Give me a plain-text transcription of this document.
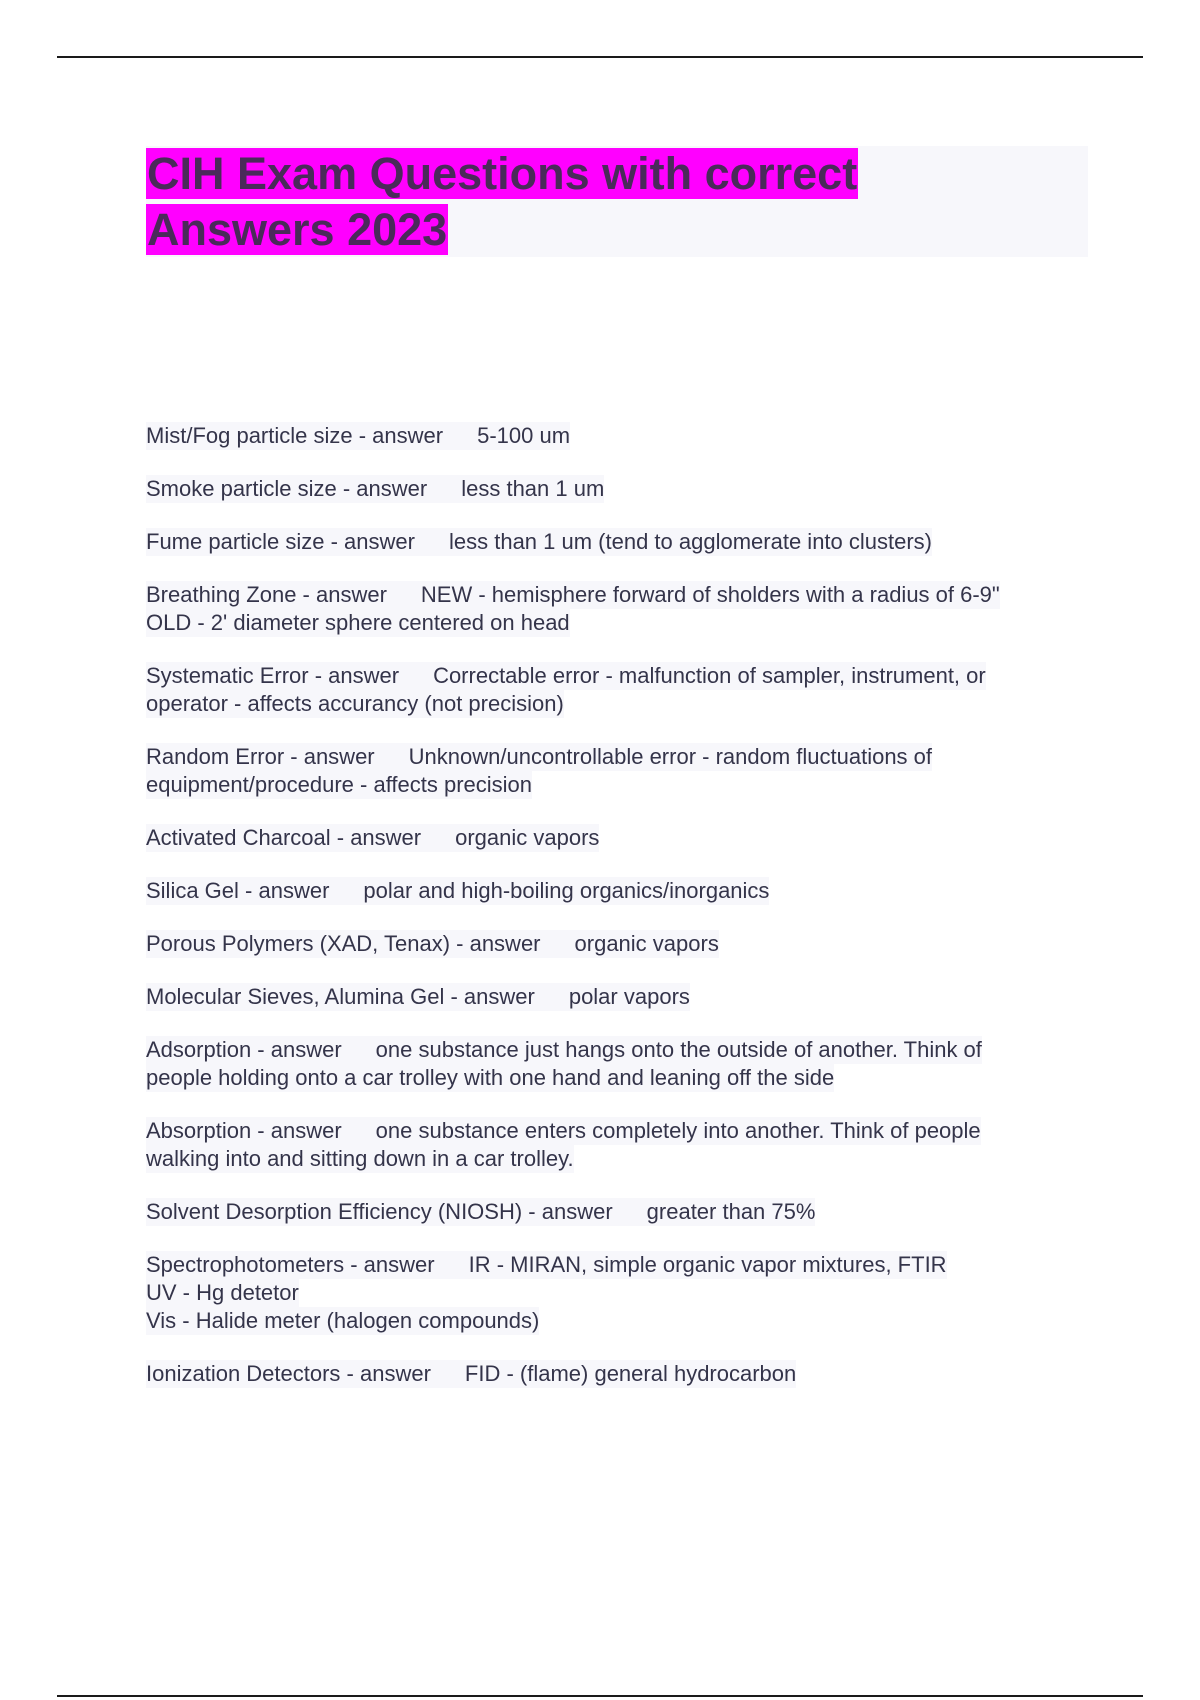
CIH Exam Questions with correct
Answers 2023

Mist/Fog particle size - answer 5-100 um

Smoke particle size - answer less than 1 um

Fume particle size - answer less than 1 um (tend to agglomerate into clusters)

Breathing Zone - answer NEW - hemisphere forward of sholders with a radius of 6-9"
OLD - 2' diameter sphere centered on head

Systematic Error - answer Correctable error - malfunction of sampler, instrument, or
operator - affects accurancy (not precision)

Random Error - answer Unknown/uncontrollable error - random fluctuations of
equipment/procedure - affects precision

Activated Charcoal - answer organic vapors

Silica Gel - answer polar and high-boiling organics/inorganics

Porous Polymers (XAD, Tenax) - answer organic vapors

Molecular Sieves, Alumina Gel - answer polar vapors

Adsorption - answer one substance just hangs onto the outside of another. Think of
people holding onto a car trolley with one hand and leaning off the side

Absorption - answer one substance enters completely into another. Think of people
walking into and sitting down in a car trolley.

Solvent Desorption Efficiency (NIOSH) - answer greater than 75%

Spectrophotometers - answer IR - MIRAN, simple organic vapor mixtures, FTIR
UV - Hg detetor
Vis - Halide meter (halogen compounds)

Ionization Detectors - answer FID - (flame) general hydrocarbon
